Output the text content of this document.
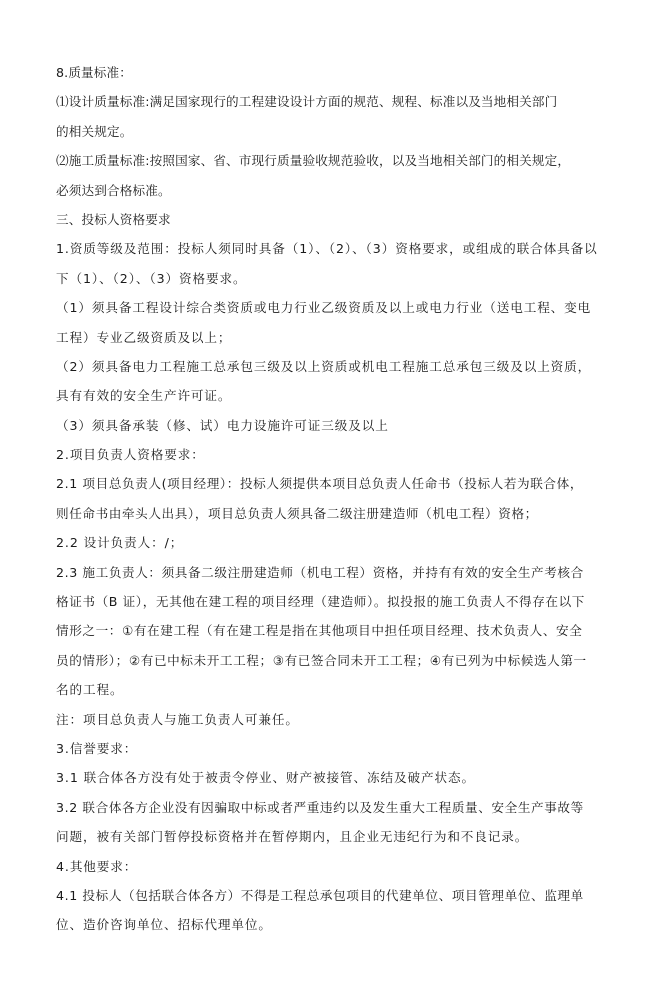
8.质量标准：
⑴设计质量标准:满足国家现行的工程建设设计方面的规范、规程、标准以及当地相关部门
的相关规定。
⑵施工质量标准:按照国家、省、市现行质量验收规范验收，以及当地相关部门的相关规定，
必须达到合格标准。
三、投标人资格要求
1.资质等级及范围：投标人须同时具备（1）、（2）、（3）资格要求，或组成的联合体具备以
下（1）、（2）、（3）资格要求。
（1）须具备工程设计综合类资质或电力行业乙级资质及以上或电力行业（送电工程、变电
工程）专业乙级资质及以上；
（2）须具备电力工程施工总承包三级及以上资质或机电工程施工总承包三级及以上资质，
具有有效的安全生产许可证。
（3）须具备承装（修、试）电力设施许可证三级及以上
2.项目负责人资格要求：
2.1 项目总负责人(项目经理）：投标人须提供本项目总负责人任命书（投标人若为联合体，
则任命书由牵头人出具），项目总负责人须具备二级注册建造师（机电工程）资格；
2.2 设计负责人：/；
2.3 施工负责人：须具备二级注册建造师（机电工程）资格，并持有有效的安全生产考核合
格证书（B 证），无其他在建工程的项目经理（建造师）。拟投报的施工负责人不得存在以下
情形之一：①有在建工程（有在建工程是指在其他项目中担任项目经理、技术负责人、安全
员的情形）；②有已中标未开工工程；③有已签合同未开工工程；④有已列为中标候选人第一
名的工程。
注：项目总负责人与施工负责人可兼任。
3.信誉要求：
3.1 联合体各方没有处于被责令停业、财产被接管、冻结及破产状态。
3.2 联合体各方企业没有因骗取中标或者严重违约以及发生重大工程质量、安全生产事故等
问题，被有关部门暂停投标资格并在暂停期内，且企业无违纪行为和不良记录。
4.其他要求：
4.1 投标人（包括联合体各方）不得是工程总承包项目的代建单位、项目管理单位、监理单
位、造价咨询单位、招标代理单位。
